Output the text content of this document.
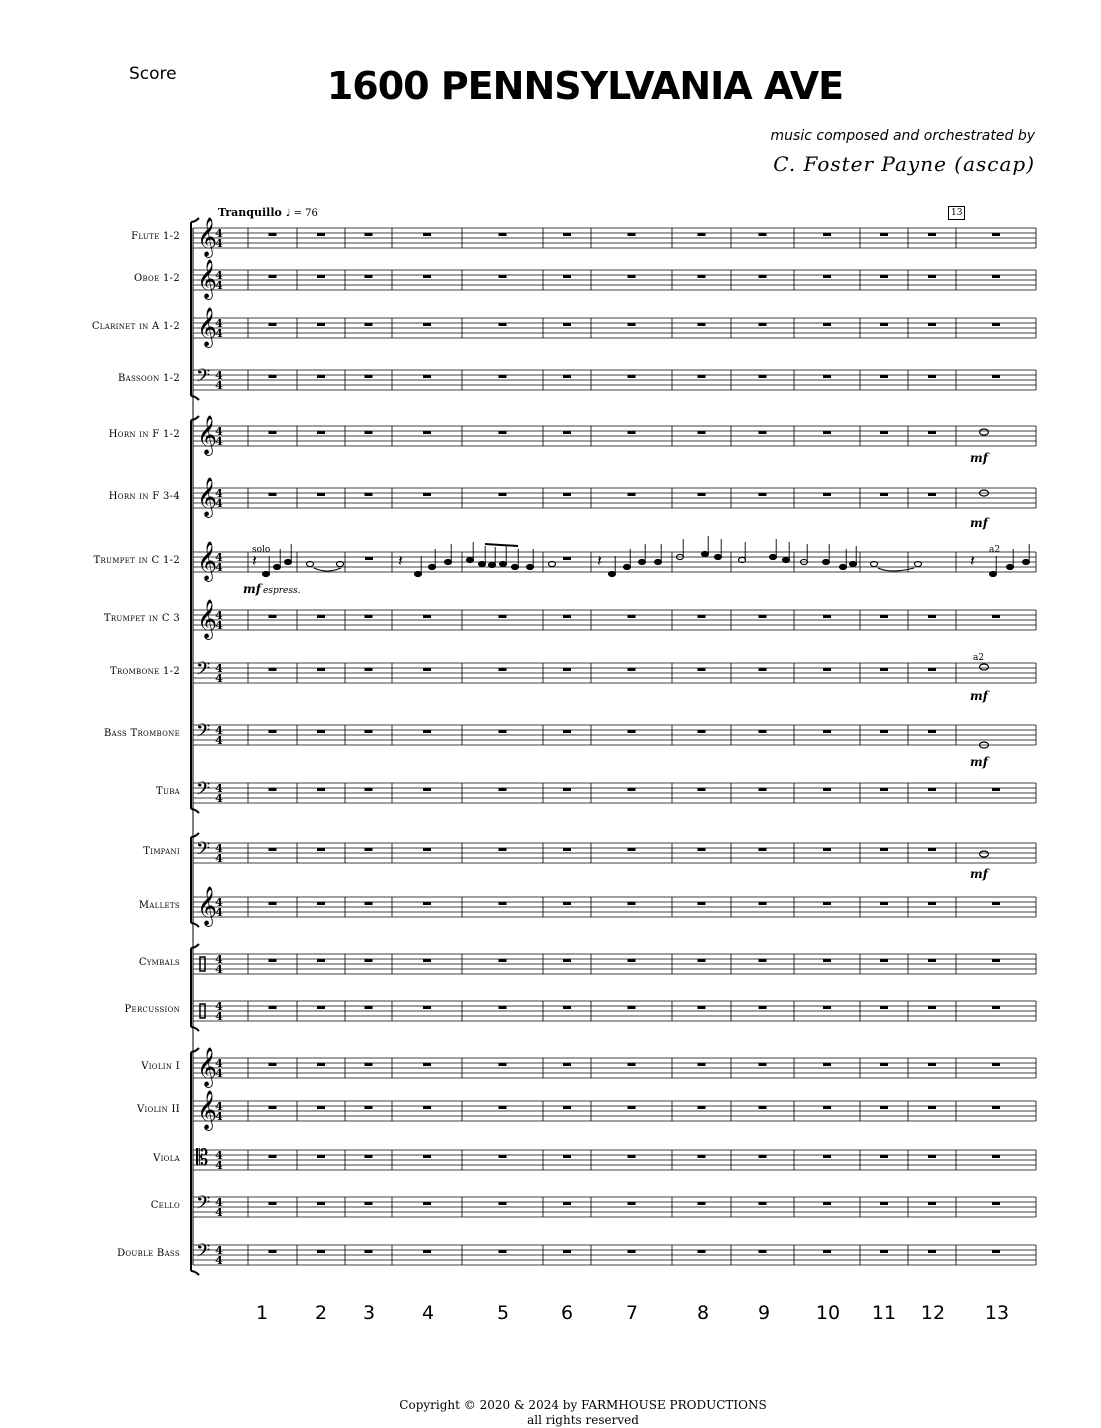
Score	1600 PENNSYLVANIA AVE
music composed and orchestrated by
C. Foster Payne (ascap)
Tranquillo ♩ = 76	13
Flute 1-2
Oboe 1-2
Clarinet in A 1-2
Bassoon 1-2
Horn in F 1-2
Horn in F 3-4
Trumpet in C 1-2
Trumpet in C 3
Trombone 1-2
Bass Trombone
Tuba
Timpani
Mallets
Cymbals
Percussion
Violin I
Violin II
Viola
Cello
Double Bass
𝄞
4
4
𝄞
4
4
𝄞
4
4
𝄢 4
4
𝄞
4
4
𝄞
4
4
𝄞
4
4
𝄞
4
4
𝄢 4
4
𝄢 4
4
𝄢 4
4
𝄢 4
4
𝄞
4
4
4
4
4
4
𝄞
4
4
𝄞
4
4
𝄡 4
4
𝄢 4
4
𝄢 4
4
𝄽	𝄽	𝄽	𝄽
solo
mf espress.
a2
a2
mf
mf
mf
mf
mf
1	2	3	4	5	6	7	8	9	10 11 12 13
Copyright © 2020 & 2024 by FARMHOUSE PRODUCTIONS
all rights reserved
